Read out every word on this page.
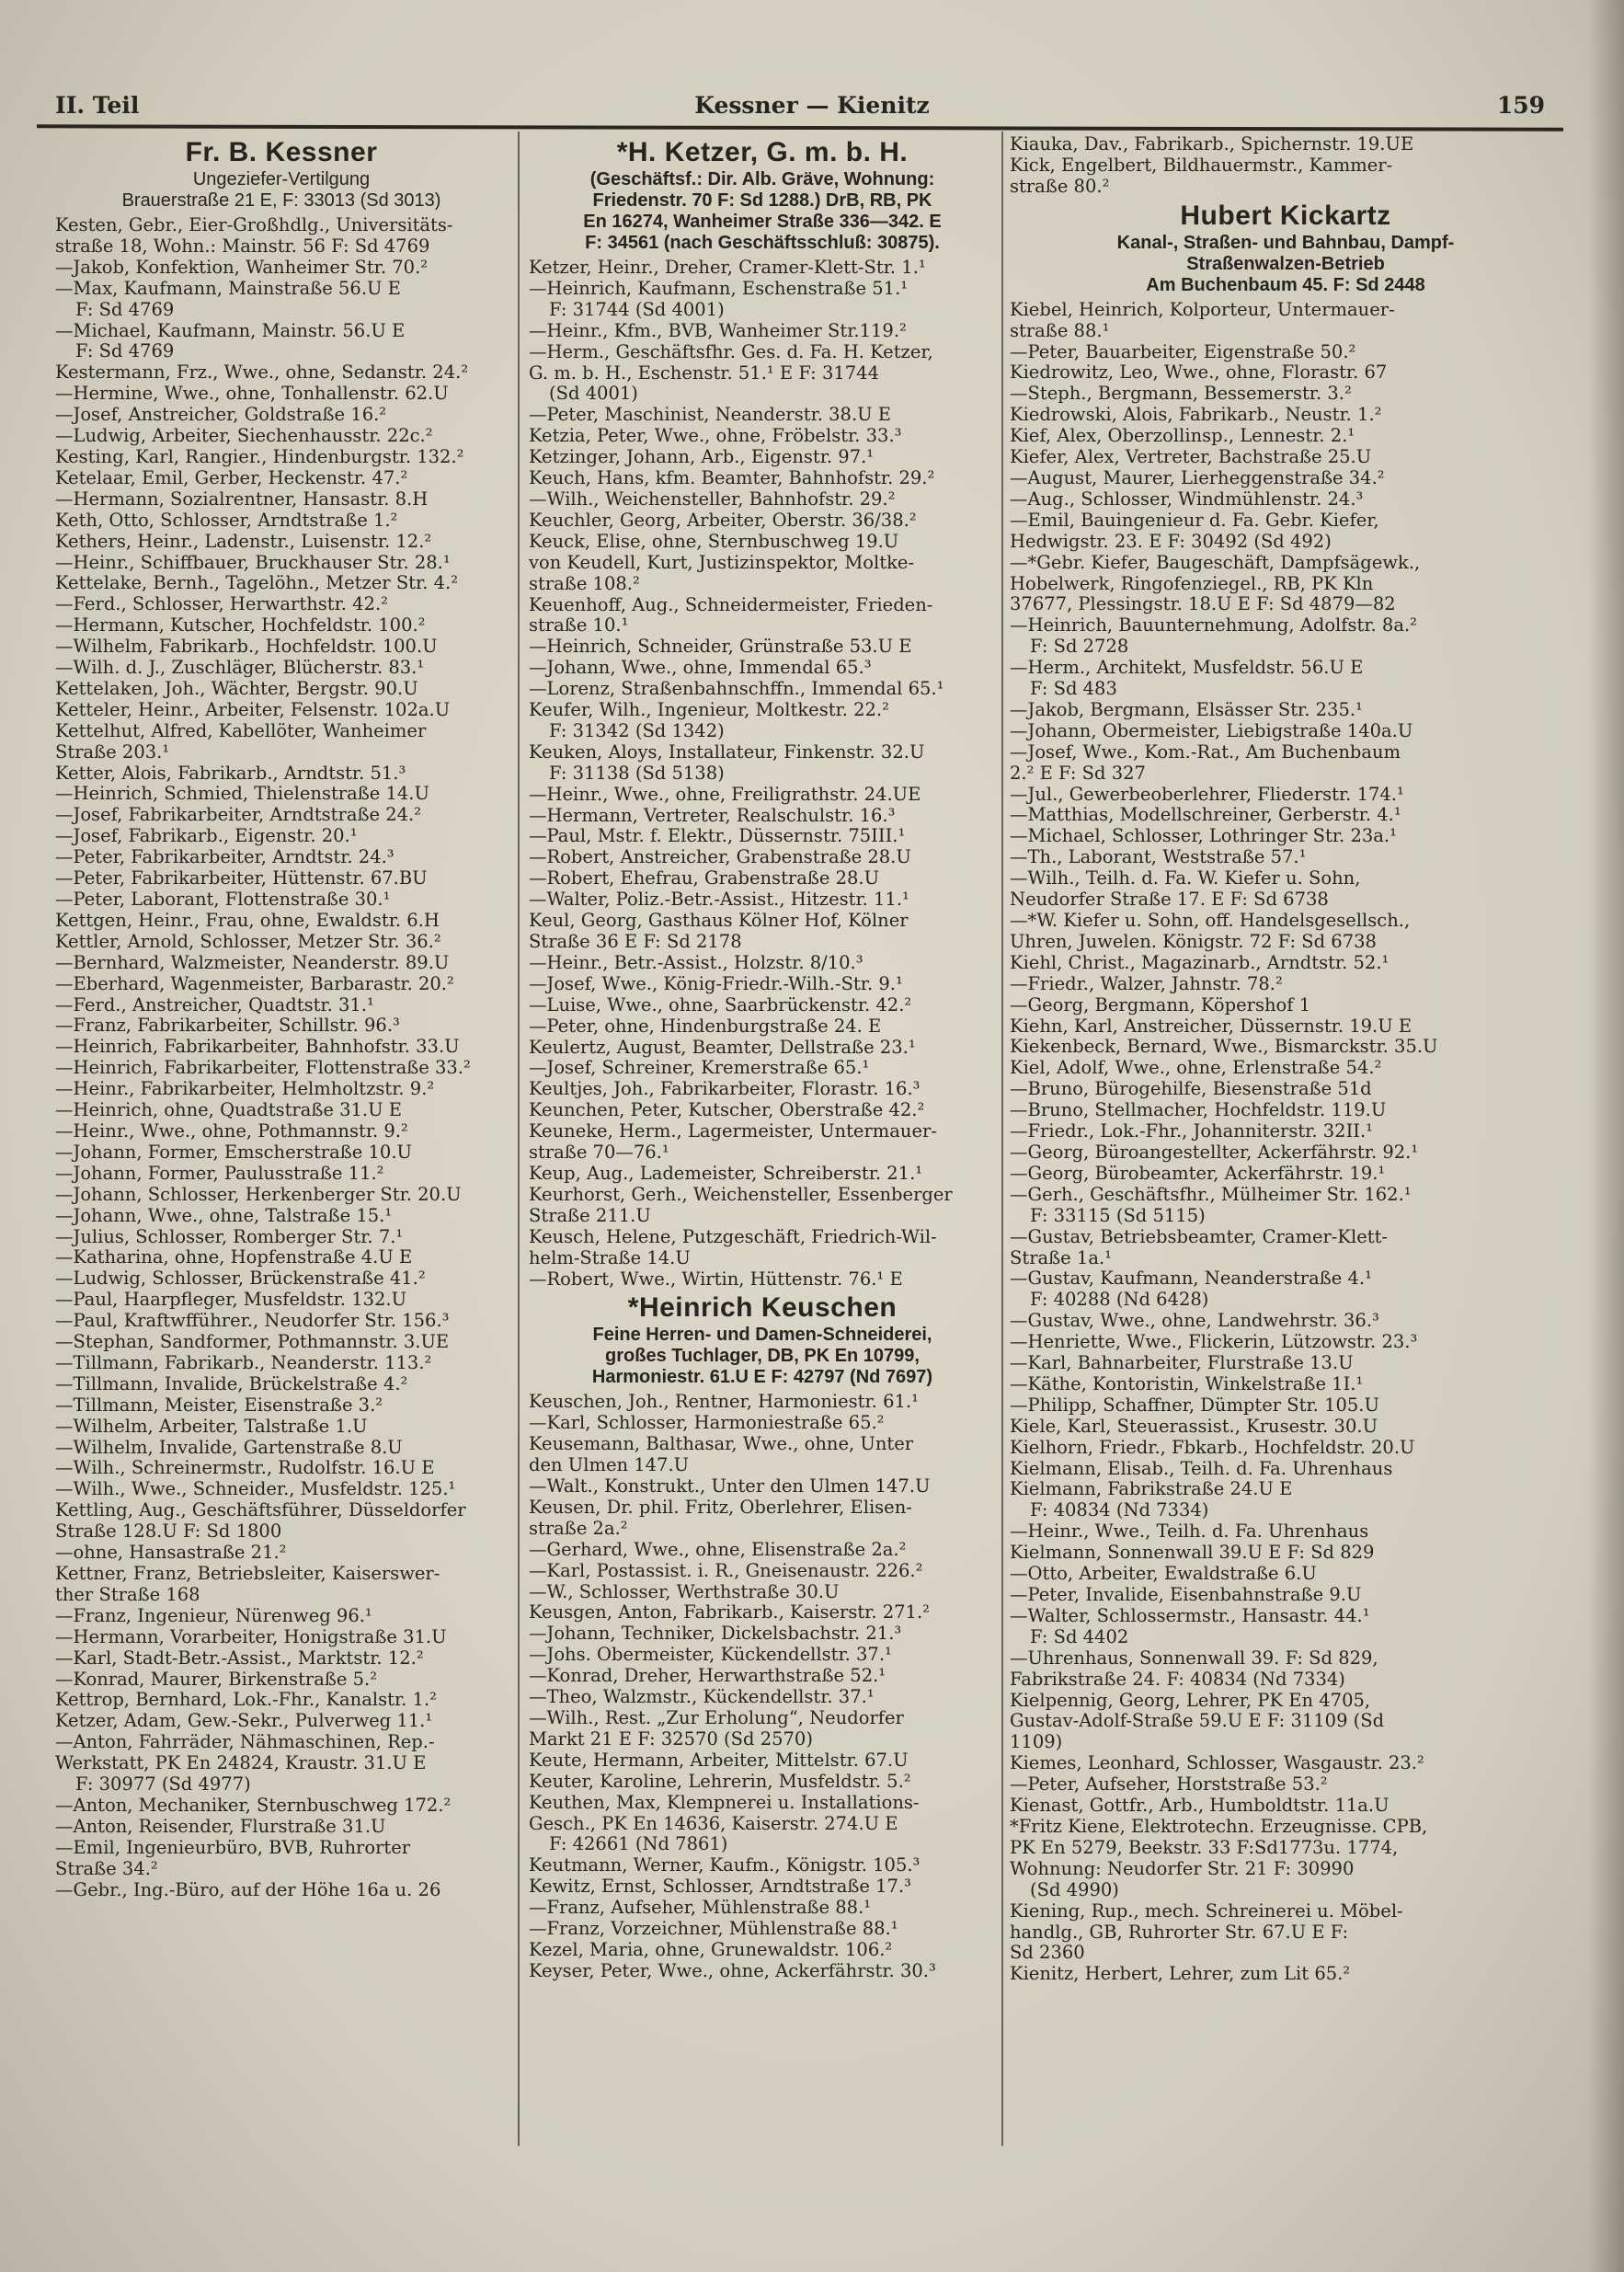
II. Teil	Kessner — Kienitz	159
Fr. B. Kessner
Ungeziefer-Vertilgung
Brauerstraße 21 E, F: 33013 (Sd 3013)
Kesten, Gebr., Eier-Großhdlg., Universitäts-
straße 18, Wohn.: Mainstr. 56 F: Sd 4769
—Jakob, Konfektion, Wanheimer Str. 70.²
—Max, Kaufmann, Mainstraße 56.U E
F: Sd 4769
—Michael, Kaufmann, Mainstr. 56.U E
F: Sd 4769
Kestermann, Frz., Wwe., ohne, Sedanstr. 24.²
—Hermine, Wwe., ohne, Tonhallenstr. 62.U
—Josef, Anstreicher, Goldstraße 16.²
—Ludwig, Arbeiter, Siechenhausstr. 22c.²
Kesting, Karl, Rangier., Hindenburgstr. 132.²
Ketelaar, Emil, Gerber, Heckenstr. 47.²
—Hermann, Sozialrentner, Hansastr. 8.H
Keth, Otto, Schlosser, Arndtstraße 1.²
Kethers, Heinr., Ladenstr., Luisenstr. 12.²
—Heinr., Schiffbauer, Bruckhauser Str. 28.¹
Kettelake, Bernh., Tagelöhn., Metzer Str. 4.²
—Ferd., Schlosser, Herwarthstr. 42.²
—Hermann, Kutscher, Hochfeldstr. 100.²
—Wilhelm, Fabrikarb., Hochfeldstr. 100.U
—Wilh. d. J., Zuschläger, Blücherstr. 83.¹
Kettelaken, Joh., Wächter, Bergstr. 90.U
Ketteler, Heinr., Arbeiter, Felsenstr. 102a.U
Kettelhut, Alfred, Kabellöter, Wanheimer
Straße 203.¹
Ketter, Alois, Fabrikarb., Arndtstr. 51.³
—Heinrich, Schmied, Thielenstraße 14.U
—Josef, Fabrikarbeiter, Arndtstraße 24.²
—Josef, Fabrikarb., Eigenstr. 20.¹
—Peter, Fabrikarbeiter, Arndtstr. 24.³
—Peter, Fabrikarbeiter, Hüttenstr. 67.BU
—Peter, Laborant, Flottenstraße 30.¹
Kettgen, Heinr., Frau, ohne, Ewaldstr. 6.H
Kettler, Arnold, Schlosser, Metzer Str. 36.²
—Bernhard, Walzmeister, Neanderstr. 89.U
—Eberhard, Wagenmeister, Barbarastr. 20.²
—Ferd., Anstreicher, Quadtstr. 31.¹
—Franz, Fabrikarbeiter, Schillstr. 96.³
—Heinrich, Fabrikarbeiter, Bahnhofstr. 33.U
—Heinrich, Fabrikarbeiter, Flottenstraße 33.²
—Heinr., Fabrikarbeiter, Helmholtzstr. 9.²
—Heinrich, ohne, Quadtstraße 31.U E
—Heinr., Wwe., ohne, Pothmannstr. 9.²
—Johann, Former, Emscherstraße 10.U
—Johann, Former, Paulusstraße 11.²
—Johann, Schlosser, Herkenberger Str. 20.U
—Johann, Wwe., ohne, Talstraße 15.¹
—Julius, Schlosser, Romberger Str. 7.¹
—Katharina, ohne, Hopfenstraße 4.U E
—Ludwig, Schlosser, Brückenstraße 41.²
—Paul, Haarpfleger, Musfeldstr. 132.U
—Paul, Kraftwfführer., Neudorfer Str. 156.³
—Stephan, Sandformer, Pothmannstr. 3.UE
—Tillmann, Fabrikarb., Neanderstr. 113.²
—Tillmann, Invalide, Brückelstraße 4.²
—Tillmann, Meister, Eisenstraße 3.²
—Wilhelm, Arbeiter, Talstraße 1.U
—Wilhelm, Invalide, Gartenstraße 8.U
—Wilh., Schreinermstr., Rudolfstr. 16.U E
—Wilh., Wwe., Schneider., Musfeldstr. 125.¹
Kettling, Aug., Geschäftsführer, Düsseldorfer
Straße 128.U F: Sd 1800
—ohne, Hansastraße 21.²
Kettner, Franz, Betriebsleiter, Kaiserswer-
ther Straße 168
—Franz, Ingenieur, Nürenweg 96.¹
—Hermann, Vorarbeiter, Honigstraße 31.U
—Karl, Stadt-Betr.-Assist., Marktstr. 12.²
—Konrad, Maurer, Birkenstraße 5.²
Kettrop, Bernhard, Lok.-Fhr., Kanalstr. 1.²
Ketzer, Adam, Gew.-Sekr., Pulverweg 11.¹
—Anton, Fahrräder, Nähmaschinen, Rep.-
Werkstatt, PK En 24824, Kraustr. 31.U E
F: 30977 (Sd 4977)
—Anton, Mechaniker, Sternbuschweg 172.²
—Anton, Reisender, Flurstraße 31.U
—Emil, Ingenieurbüro, BVB, Ruhrorter
Straße 34.²
—Gebr., Ing.-Büro, auf der Höhe 16a u. 26
*H. Ketzer, G. m. b. H.
(Geschäftsf.: Dir. Alb. Gräve, Wohnung:
Friedenstr. 70 F: Sd 1288.) DrB, RB, PK
En 16274, Wanheimer Straße 336—342. E
F: 34561 (nach Geschäftsschluß: 30875).
Ketzer, Heinr., Dreher, Cramer-Klett-Str. 1.¹
—Heinrich, Kaufmann, Eschenstraße 51.¹
F: 31744 (Sd 4001)
—Heinr., Kfm., BVB, Wanheimer Str.119.²
—Herm., Geschäftsfhr. Ges. d. Fa. H. Ketzer,
G. m. b. H., Eschenstr. 51.¹ E F: 31744
(Sd 4001)
—Peter, Maschinist, Neanderstr. 38.U E
Ketzia, Peter, Wwe., ohne, Fröbelstr. 33.³
Ketzinger, Johann, Arb., Eigenstr. 97.¹
Keuch, Hans, kfm. Beamter, Bahnhofstr. 29.²
—Wilh., Weichensteller, Bahnhofstr. 29.²
Keuchler, Georg, Arbeiter, Oberstr. 36/38.²
Keuck, Elise, ohne, Sternbuschweg 19.U
von Keudell, Kurt, Justizinspektor, Moltke-
straße 108.²
Keuenhoff, Aug., Schneidermeister, Frieden-
straße 10.¹
—Heinrich, Schneider, Grünstraße 53.U E
—Johann, Wwe., ohne, Immendal 65.³
—Lorenz, Straßenbahnschffn., Immendal 65.¹
Keufer, Wilh., Ingenieur, Moltkestr. 22.²
F: 31342 (Sd 1342)
Keuken, Aloys, Installateur, Finkenstr. 32.U
F: 31138 (Sd 5138)
—Heinr., Wwe., ohne, Freiligrathstr. 24.UE
—Hermann, Vertreter, Realschulstr. 16.³
—Paul, Mstr. f. Elektr., Düssernstr. 75III.¹
—Robert, Anstreicher, Grabenstraße 28.U
—Robert, Ehefrau, Grabenstraße 28.U
—Walter, Poliz.-Betr.-Assist., Hitzestr. 11.¹
Keul, Georg, Gasthaus Kölner Hof, Kölner
Straße 36 E F: Sd 2178
—Heinr., Betr.-Assist., Holzstr. 8/10.³
—Josef, Wwe., König-Friedr.-Wilh.-Str. 9.¹
—Luise, Wwe., ohne, Saarbrückenstr. 42.²
—Peter, ohne, Hindenburgstraße 24. E
Keulertz, August, Beamter, Dellstraße 23.¹
—Josef, Schreiner, Kremerstraße 65.¹
Keultjes, Joh., Fabrikarbeiter, Florastr. 16.³
Keunchen, Peter, Kutscher, Oberstraße 42.²
Keuneke, Herm., Lagermeister, Untermauer-
straße 70—76.¹
Keup, Aug., Lademeister, Schreiberstr. 21.¹
Keurhorst, Gerh., Weichensteller, Essenberger
Straße 211.U
Keusch, Helene, Putzgeschäft, Friedrich-Wil-
helm-Straße 14.U
—Robert, Wwe., Wirtin, Hüttenstr. 76.¹ E
*Heinrich Keuschen
Feine Herren- und Damen-Schneiderei,
großes Tuchlager, DB, PK En 10799,
Harmoniestr. 61.U E F: 42797 (Nd 7697)
Keuschen, Joh., Rentner, Harmoniestr. 61.¹
—Karl, Schlosser, Harmoniestraße 65.²
Keusemann, Balthasar, Wwe., ohne, Unter
den Ulmen 147.U
—Walt., Konstrukt., Unter den Ulmen 147.U
Keusen, Dr. phil. Fritz, Oberlehrer, Elisen-
straße 2a.²
—Gerhard, Wwe., ohne, Elisenstraße 2a.²
—Karl, Postassist. i. R., Gneisenaustr. 226.²
—W., Schlosser, Werthstraße 30.U
Keusgen, Anton, Fabrikarb., Kaiserstr. 271.²
—Johann, Techniker, Dickelsbachstr. 21.³
—Johs. Obermeister, Kückendellstr. 37.¹
—Konrad, Dreher, Herwarthstraße 52.¹
—Theo, Walzmstr., Kückendellstr. 37.¹
—Wilh., Rest. „Zur Erholung“, Neudorfer
Markt 21 E F: 32570 (Sd 2570)
Keute, Hermann, Arbeiter, Mittelstr. 67.U
Keuter, Karoline, Lehrerin, Musfeldstr. 5.²
Keuthen, Max, Klempnerei u. Installations-
Gesch., PK En 14636, Kaiserstr. 274.U E
F: 42661 (Nd 7861)
Keutmann, Werner, Kaufm., Königstr. 105.³
Kewitz, Ernst, Schlosser, Arndtstraße 17.³
—Franz, Aufseher, Mühlenstraße 88.¹
—Franz, Vorzeichner, Mühlenstraße 88.¹
Kezel, Maria, ohne, Grunewaldstr. 106.²
Keyser, Peter, Wwe., ohne, Ackerfährstr. 30.³
Kiauka, Dav., Fabrikarb., Spichernstr. 19.UE
Kick, Engelbert, Bildhauermstr., Kammer-
straße 80.²
Hubert Kickartz
Kanal-, Straßen- und Bahnbau, Dampf-
Straßenwalzen-Betrieb
Am Buchenbaum 45. F: Sd 2448
Kiebel, Heinrich, Kolporteur, Untermauer-
straße 88.¹
—Peter, Bauarbeiter, Eigenstraße 50.²
Kiedrowitz, Leo, Wwe., ohne, Florastr. 67
—Steph., Bergmann, Bessemerstr. 3.²
Kiedrowski, Alois, Fabrikarb., Neustr. 1.²
Kief, Alex, Oberzollinsp., Lennestr. 2.¹
Kiefer, Alex, Vertreter, Bachstraße 25.U
—August, Maurer, Lierheggenstraße 34.²
—Aug., Schlosser, Windmühlenstr. 24.³
—Emil, Bauingenieur d. Fa. Gebr. Kiefer,
Hedwigstr. 23. E F: 30492 (Sd 492)
—*Gebr. Kiefer, Baugeschäft, Dampfsägewk.,
Hobelwerk, Ringofenziegel., RB, PK Kln
37677, Plessingstr. 18.U E F: Sd 4879—82
—Heinrich, Bauunternehmung, Adolfstr. 8a.²
F: Sd 2728
—Herm., Architekt, Musfeldstr. 56.U E
F: Sd 483
—Jakob, Bergmann, Elsässer Str. 235.¹
—Johann, Obermeister, Liebigstraße 140a.U
—Josef, Wwe., Kom.-Rat., Am Buchenbaum
2.² E F: Sd 327
—Jul., Gewerbeoberlehrer, Fliederstr. 174.¹
—Matthias, Modellschreiner, Gerberstr. 4.¹
—Michael, Schlosser, Lothringer Str. 23a.¹
—Th., Laborant, Weststraße 57.¹
—Wilh., Teilh. d. Fa. W. Kiefer u. Sohn,
Neudorfer Straße 17. E F: Sd 6738
—*W. Kiefer u. Sohn, off. Handelsgesellsch.,
Uhren, Juwelen. Königstr. 72 F: Sd 6738
Kiehl, Christ., Magazinarb., Arndtstr. 52.¹
—Friedr., Walzer, Jahnstr. 78.²
—Georg, Bergmann, Köpershof 1
Kiehn, Karl, Anstreicher, Düssernstr. 19.U E
Kiekenbeck, Bernard, Wwe., Bismarckstr. 35.U
Kiel, Adolf, Wwe., ohne, Erlenstraße 54.²
—Bruno, Bürogehilfe, Biesenstraße 51d
—Bruno, Stellmacher, Hochfeldstr. 119.U
—Friedr., Lok.-Fhr., Johanniterstr. 32II.¹
—Georg, Büroangestellter, Ackerfährstr. 92.¹
—Georg, Bürobeamter, Ackerfährstr. 19.¹
—Gerh., Geschäftsfhr., Mülheimer Str. 162.¹
F: 33115 (Sd 5115)
—Gustav, Betriebsbeamter, Cramer-Klett-
Straße 1a.¹
—Gustav, Kaufmann, Neanderstraße 4.¹
F: 40288 (Nd 6428)
—Gustav, Wwe., ohne, Landwehrstr. 36.³
—Henriette, Wwe., Flickerin, Lützowstr. 23.³
—Karl, Bahnarbeiter, Flurstraße 13.U
—Käthe, Kontoristin, Winkelstraße 1I.¹
—Philipp, Schaffner, Dümpter Str. 105.U
Kiele, Karl, Steuerassist., Krusestr. 30.U
Kielhorn, Friedr., Fbkarb., Hochfeldstr. 20.U
Kielmann, Elisab., Teilh. d. Fa. Uhrenhaus
Kielmann, Fabrikstraße 24.U E
F: 40834 (Nd 7334)
—Heinr., Wwe., Teilh. d. Fa. Uhrenhaus
Kielmann, Sonnenwall 39.U E F: Sd 829
—Otto, Arbeiter, Ewaldstraße 6.U
—Peter, Invalide, Eisenbahnstraße 9.U
—Walter, Schlossermstr., Hansastr. 44.¹
F: Sd 4402
—Uhrenhaus, Sonnenwall 39. F: Sd 829,
Fabrikstraße 24. F: 40834 (Nd 7334)
Kielpennig, Georg, Lehrer, PK En 4705,
Gustav-Adolf-Straße 59.U E F: 31109 (Sd
1109)
Kiemes, Leonhard, Schlosser, Wasgaustr. 23.²
—Peter, Aufseher, Horststraße 53.²
Kienast, Gottfr., Arb., Humboldtstr. 11a.U
*Fritz Kiene, Elektrotechn. Erzeugnisse. CPB,
PK En 5279, Beekstr. 33 F:Sd1773u. 1774,
Wohnung: Neudorfer Str. 21 F: 30990
(Sd 4990)
Kiening, Rup., mech. Schreinerei u. Möbel-
handlg., GB, Ruhrorter Str. 67.U E F:
Sd 2360
Kienitz, Herbert, Lehrer, zum Lit 65.²
